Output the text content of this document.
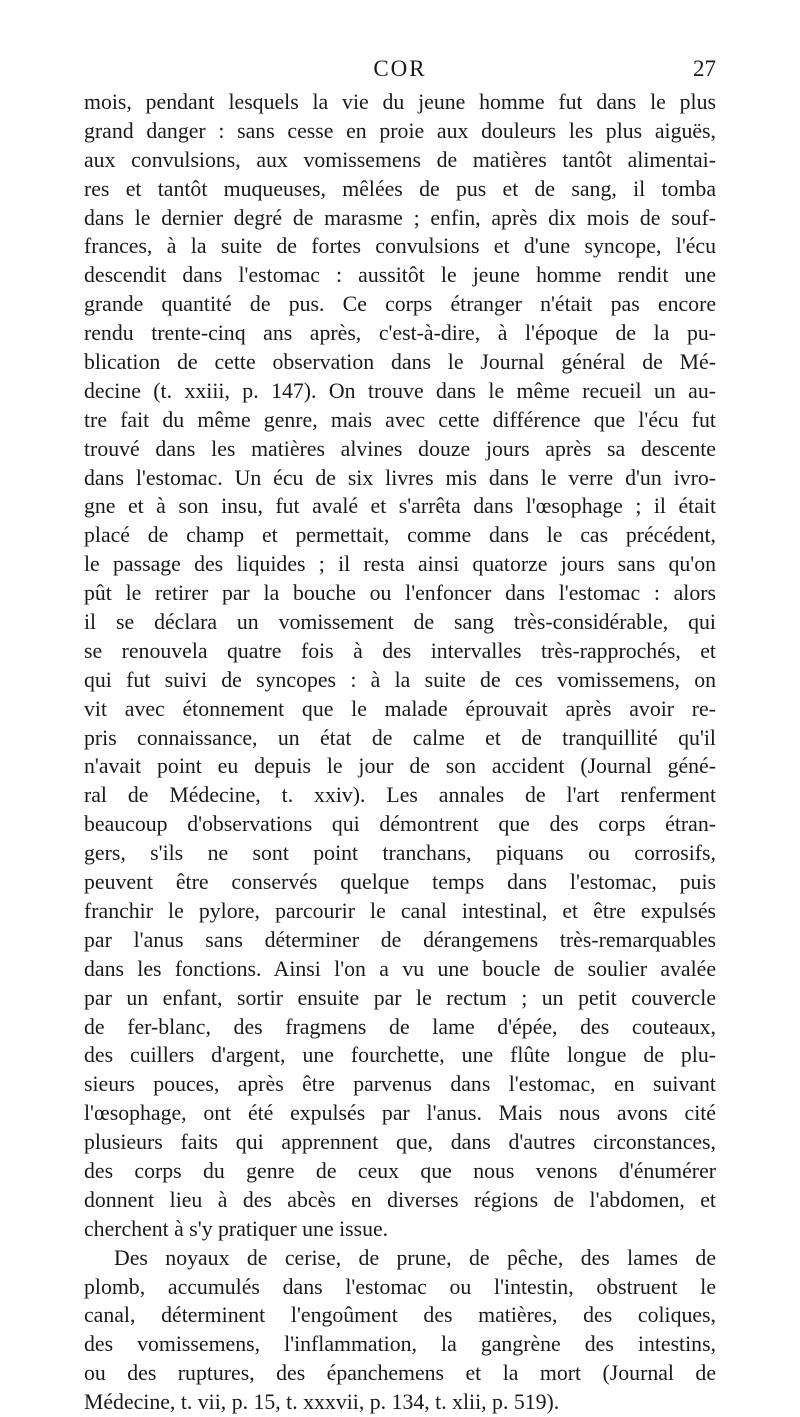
COR	27
mois, pendant lesquels la vie du jeune homme fut dans le plus
grand danger : sans cesse en proie aux douleurs les plus aiguës,
aux convulsions, aux vomissemens de matières tantôt alimentai-
res et tantôt muqueuses, mêlées de pus et de sang, il tomba
dans le dernier degré de marasme ; enfin, après dix mois de souf-
frances, à la suite de fortes convulsions et d'une syncope, l'écu
descendit dans l'estomac : aussitôt le jeune homme rendit une
grande quantité de pus. Ce corps étranger n'était pas encore
rendu trente-cinq ans après, c'est-à-dire, à l'époque de la pu-
blication de cette observation dans le Journal général de Mé-
decine (t. xxiii, p. 147). On trouve dans le même recueil un au-
tre fait du même genre, mais avec cette différence que l'écu fut
trouvé dans les matières alvines douze jours après sa descente
dans l'estomac. Un écu de six livres mis dans le verre d'un ivro-
gne et à son insu, fut avalé et s'arrêta dans l'œsophage ; il était
placé de champ et permettait, comme dans le cas précédent,
le passage des liquides ; il resta ainsi quatorze jours sans qu'on
pût le retirer par la bouche ou l'enfoncer dans l'estomac : alors
il se déclara un vomissement de sang très-considérable, qui
se renouvela quatre fois à des intervalles très-rapprochés, et
qui fut suivi de syncopes : à la suite de ces vomissemens, on
vit avec étonnement que le malade éprouvait après avoir re-
pris connaissance, un état de calme et de tranquillité qu'il
n'avait point eu depuis le jour de son accident (Journal géné-
ral de Médecine, t. xxiv). Les annales de l'art renferment
beaucoup d'observations qui démontrent que des corps étran-
gers, s'ils ne sont point tranchans, piquans ou corrosifs,
peuvent être conservés quelque temps dans l'estomac, puis
franchir le pylore, parcourir le canal intestinal, et être expulsés
par l'anus sans déterminer de dérangemens très-remarquables
dans les fonctions. Ainsi l'on a vu une boucle de soulier avalée
par un enfant, sortir ensuite par le rectum ; un petit couvercle
de fer-blanc, des fragmens de lame d'épée, des couteaux,
des cuillers d'argent, une fourchette, une flûte longue de plu-
sieurs pouces, après être parvenus dans l'estomac, en suivant
l'œsophage, ont été expulsés par l'anus. Mais nous avons cité
plusieurs faits qui apprennent que, dans d'autres circonstances,
des corps du genre de ceux que nous venons d'énumérer
donnent lieu à des abcès en diverses régions de l'abdomen, et
cherchent à s'y pratiquer une issue.
Des noyaux de cerise, de prune, de pêche, des lames de
plomb, accumulés dans l'estomac ou l'intestin, obstruent le
canal, déterminent l'engoûment des matières, des coliques,
des vomissemens, l'inflammation, la gangrène des intestins,
ou des ruptures, des épanchemens et la mort (Journal de
Médecine, t. vii, p. 15, t. xxxvii, p. 134, t. xlii, p. 519).
